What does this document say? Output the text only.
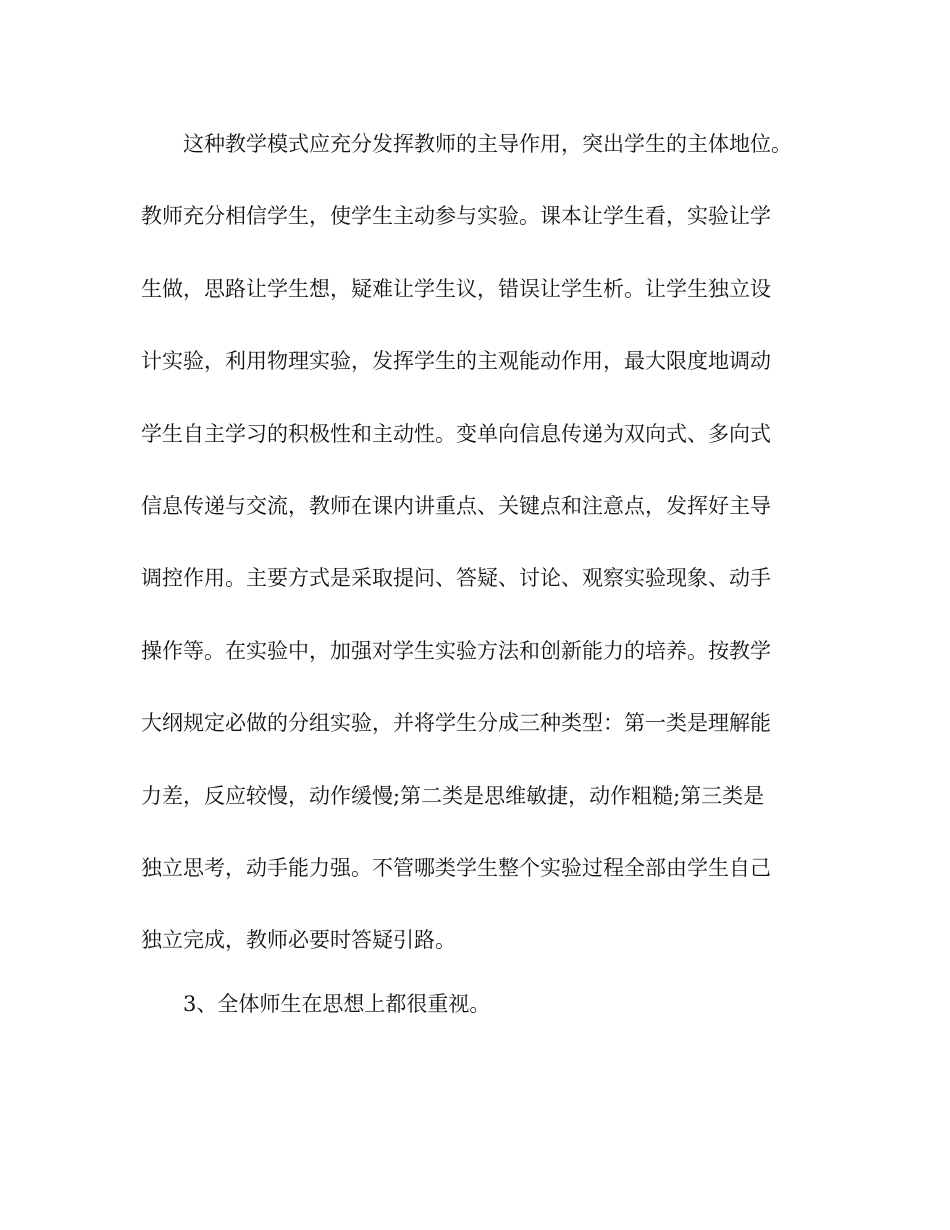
这种教学模式应充分发挥教师的主导作用，突出学生的主体地位。
教师充分相信学生，使学生主动参与实验。课本让学生看，实验让学
生做，思路让学生想，疑难让学生议，错误让学生析。让学生独立设
计实验，利用物理实验，发挥学生的主观能动作用，最大限度地调动
学生自主学习的积极性和主动性。变单向信息传递为双向式、多向式
信息传递与交流，教师在课内讲重点、关键点和注意点，发挥好主导
调控作用。主要方式是采取提问、答疑、讨论、观察实验现象、动手
操作等。在实验中，加强对学生实验方法和创新能力的培养。按教学
大纲规定必做的分组实验，并将学生分成三种类型：第一类是理解能
力差，反应较慢，动作缓慢;第二类是思维敏捷，动作粗糙;第三类是
独立思考，动手能力强。不管哪类学生整个实验过程全部由学生自己
独立完成，教师必要时答疑引路。
3、全体师生在思想上都很重视。
